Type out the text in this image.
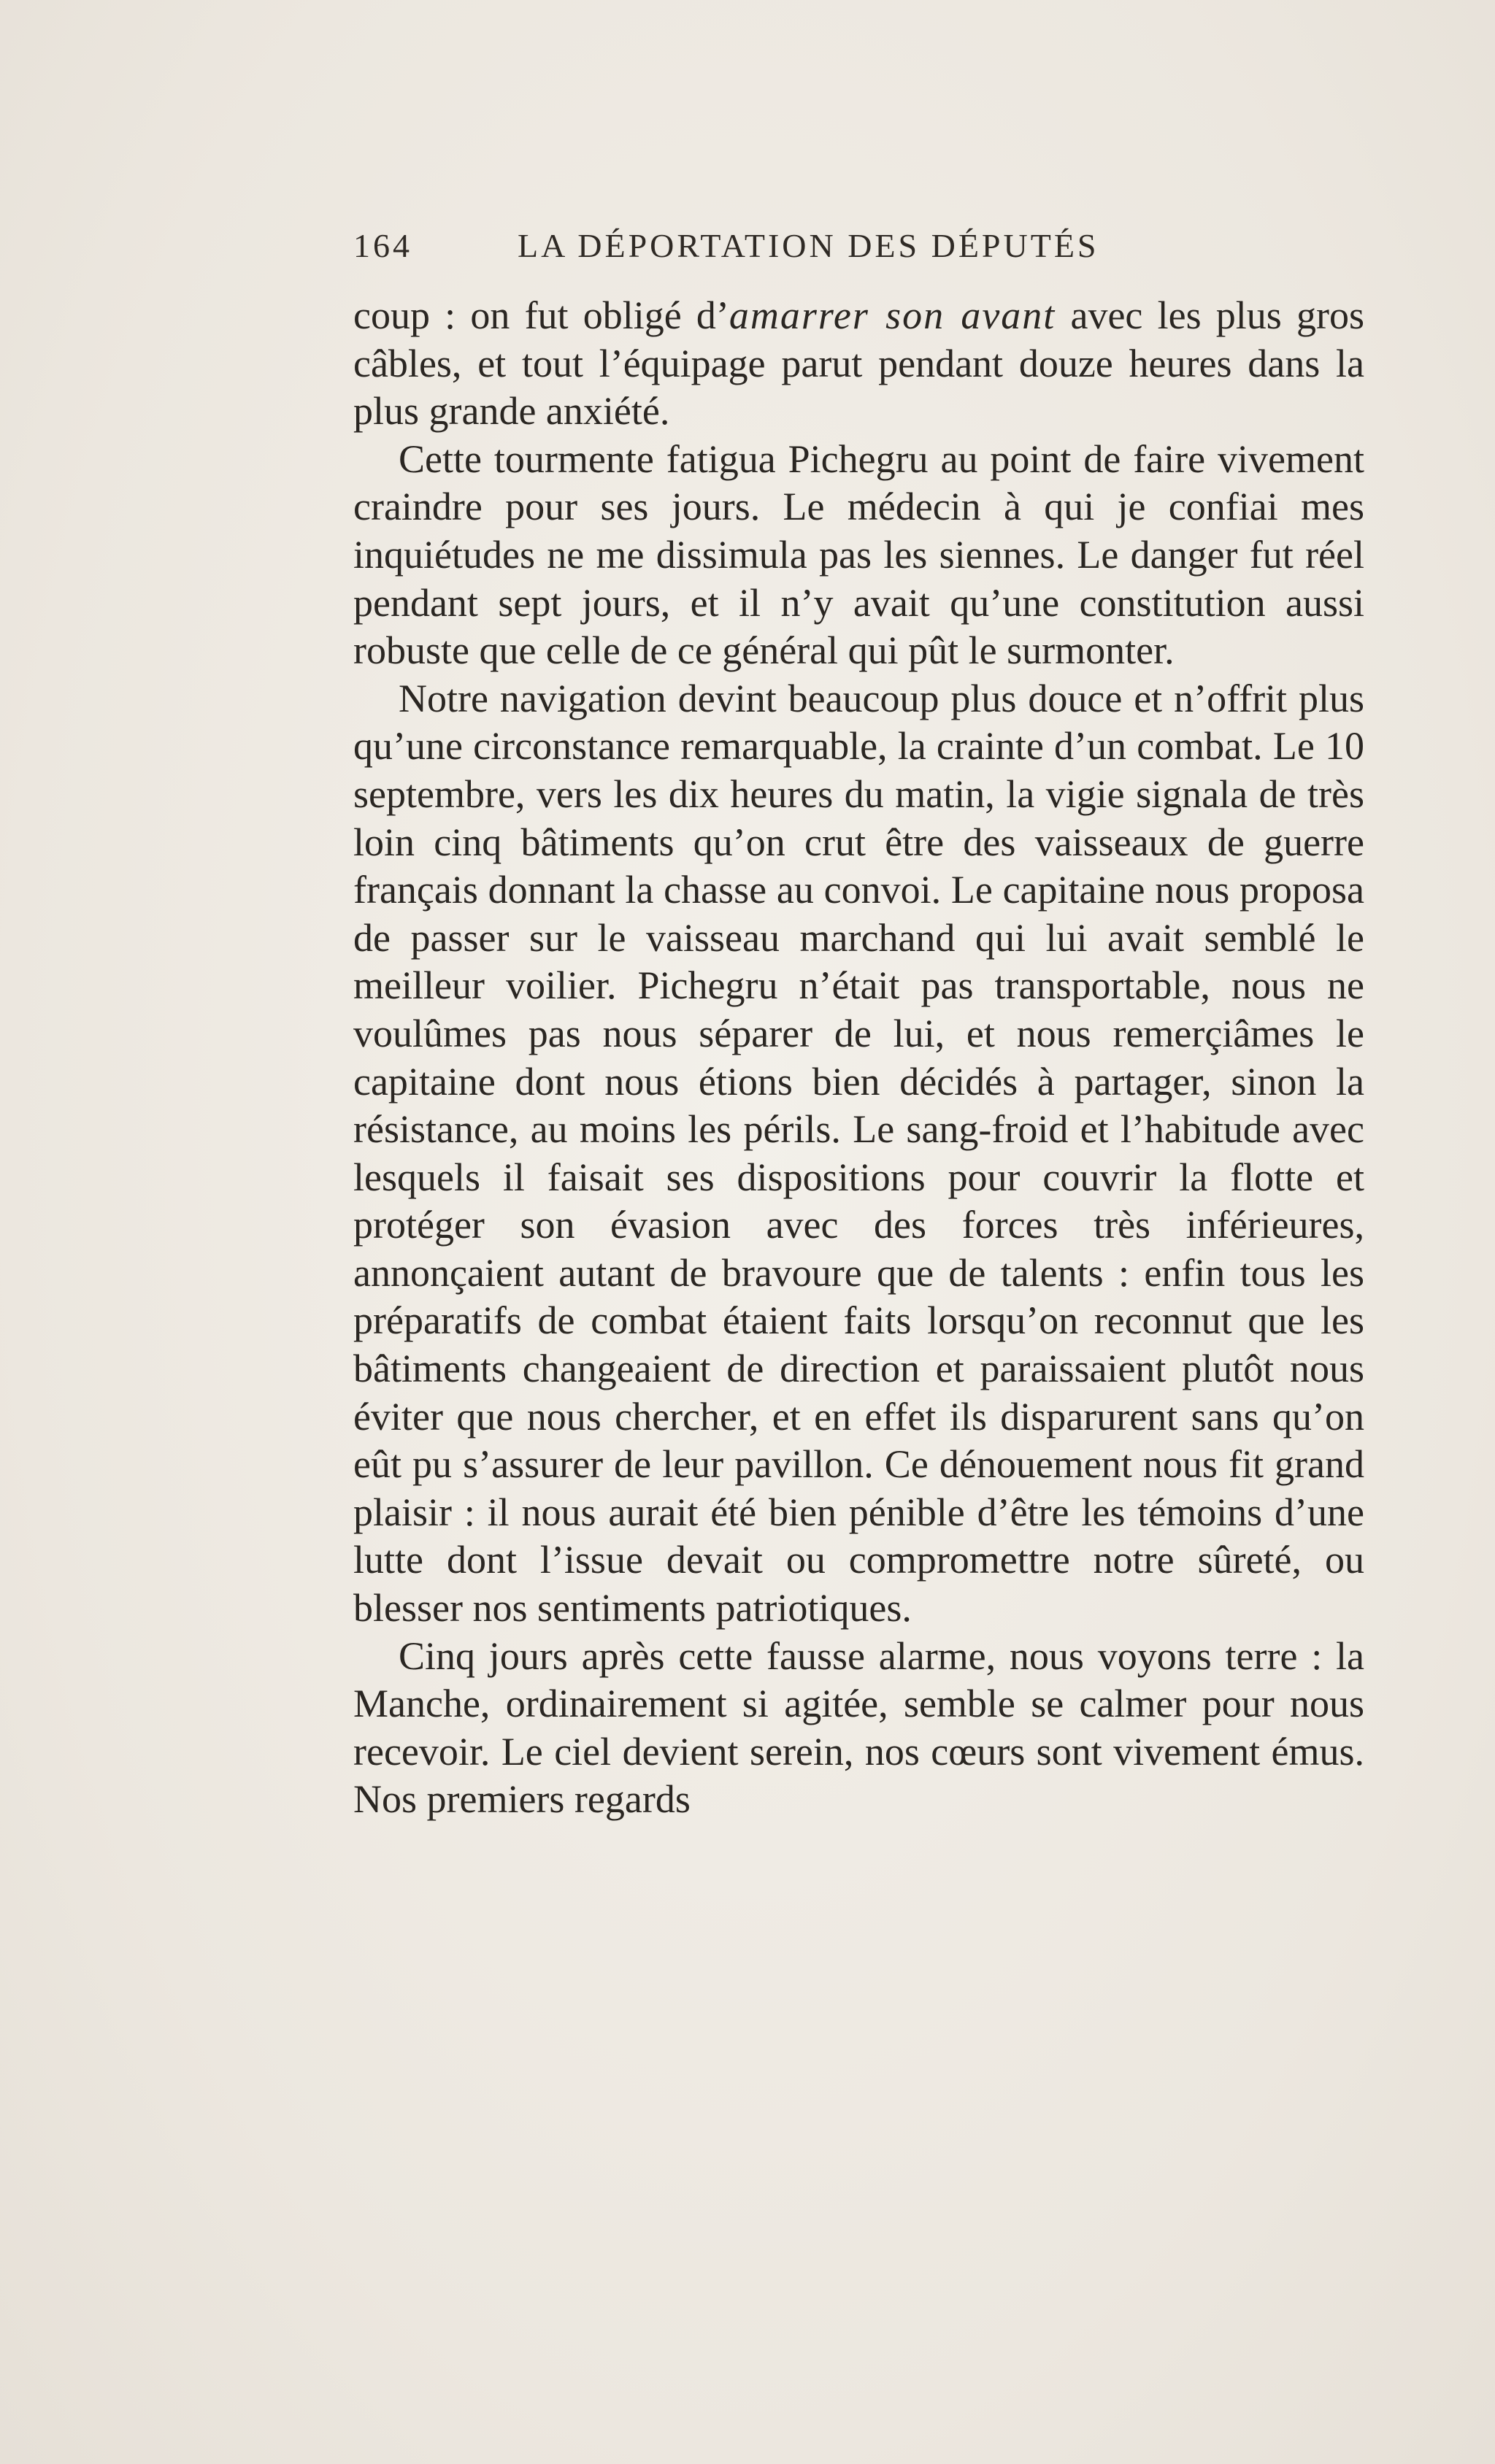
164	LA DÉPORTATION DES DÉPUTÉS

coup : on fut obligé d’amarrer son avant avec les plus gros câbles, et tout l’équipage parut pendant douze heures dans la plus grande anxiété.

Cette tourmente fatigua Pichegru au point de faire vivement craindre pour ses jours. Le médecin à qui je confiai mes inquiétudes ne me dissimula pas les siennes. Le danger fut réel pendant sept jours, et il n’y avait qu’une constitution aussi robuste que celle de ce général qui pût le surmonter.

Notre navigation devint beaucoup plus douce et n’offrit plus qu’une circonstance remarquable, la crainte d’un combat. Le 10 septembre, vers les dix heures du matin, la vigie signala de très loin cinq bâtiments qu’on crut être des vaisseaux de guerre français donnant la chasse au convoi. Le capitaine nous proposa de passer sur le vaisseau marchand qui lui avait semblé le meilleur voilier. Pichegru n’était pas transportable, nous ne voulûmes pas nous séparer de lui, et nous remerçiâmes le capitaine dont nous étions bien décidés à partager, sinon la résistance, au moins les périls. Le sang-froid et l’habitude avec lesquels il faisait ses dispositions pour couvrir la flotte et protéger son évasion avec des forces très inférieures, annonçaient autant de bravoure que de talents : enfin tous les préparatifs de combat étaient faits lorsqu’on reconnut que les bâtiments changeaient de direction et paraissaient plutôt nous éviter que nous chercher, et en effet ils disparurent sans qu’on eût pu s’assurer de leur pavillon. Ce dénouement nous fit grand plaisir : il nous aurait été bien pénible d’être les témoins d’une lutte dont l’issue devait ou compromettre notre sûreté, ou blesser nos sentiments patriotiques.

Cinq jours après cette fausse alarme, nous voyons terre : la Manche, ordinairement si agitée, semble se calmer pour nous recevoir. Le ciel devient serein, nos cœurs sont vivement émus. Nos premiers regards
